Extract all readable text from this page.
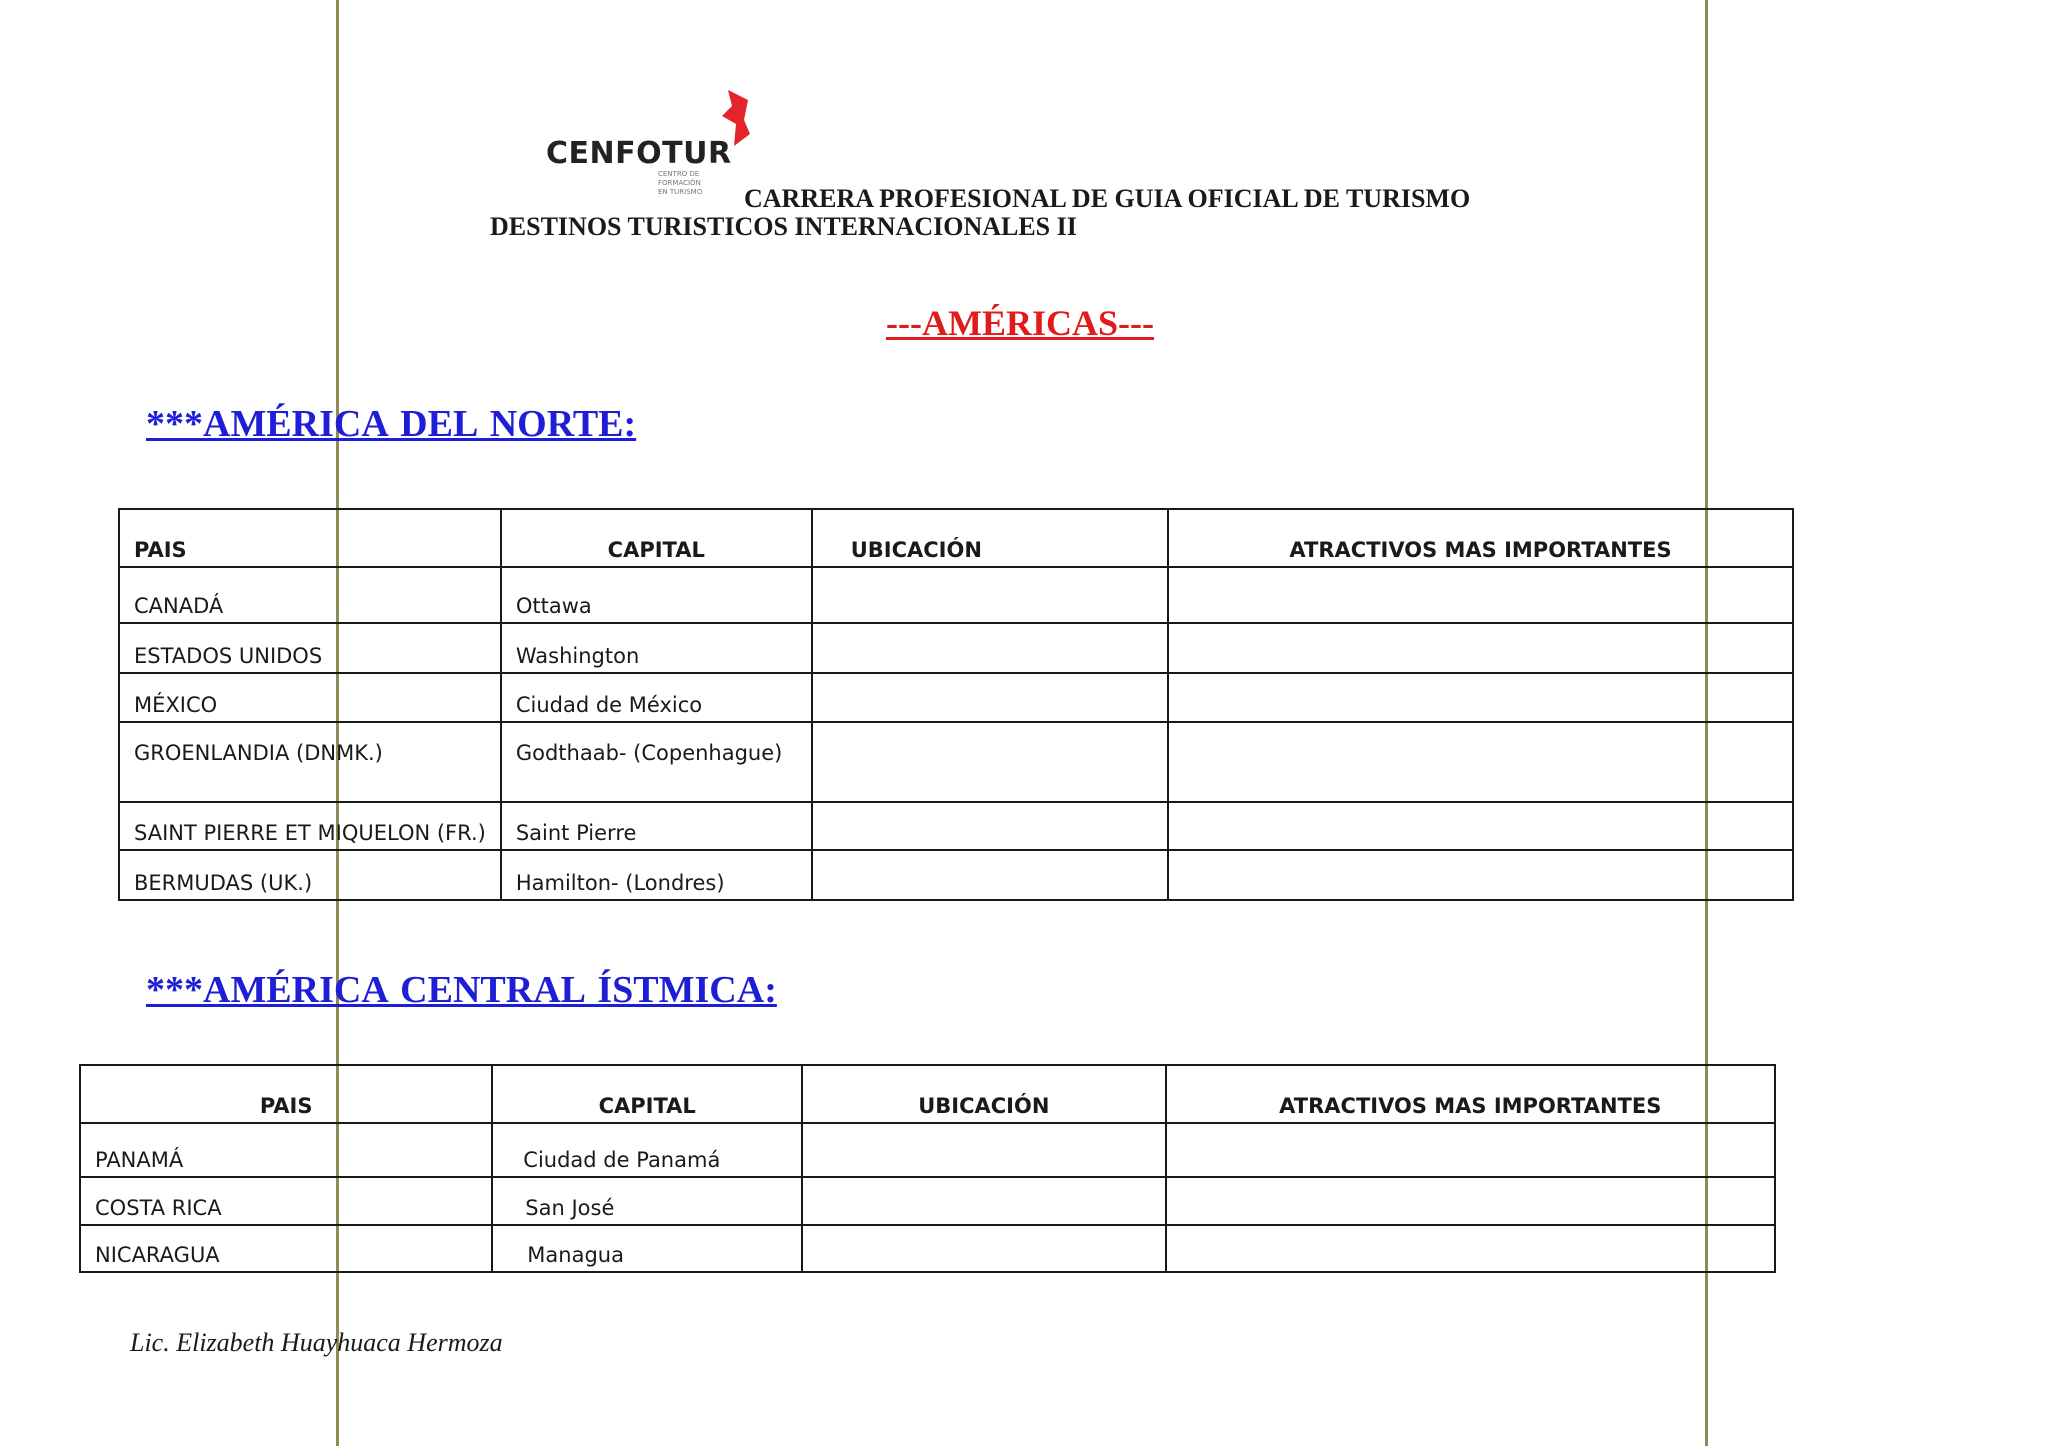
CENFOTUR
CENTRO DE
FORMACIÓN
EN TURISMO	CARRERA PROFESIONAL DE GUIA OFICIAL DE TURISMO
DESTINOS TURISTICOS INTERNACIONALES II
---AMÉRICAS---
***AMÉRICA DEL NORTE:
PAIS	CAPITAL	UBICACIÓN	ATRACTIVOS MAS IMPORTANTES
CANADÁ	Ottawa		
ESTADOS UNIDOS	Washington		
MÉXICO	Ciudad de México		
GROENLANDIA (DNMK.)	Godthaab- (Copenhague)		
SAINT PIERRE ET MIQUELON (FR.)	Saint Pierre		
BERMUDAS (UK.)	Hamilton- (Londres)		
***AMÉRICA CENTRAL ÍSTMICA:
PAIS	CAPITAL	UBICACIÓN	ATRACTIVOS MAS IMPORTANTES
PANAMÁ	Ciudad de Panamá		
COSTA RICA	San José		
NICARAGUA	Managua		
Lic. Elizabeth Huayhuaca Hermoza
